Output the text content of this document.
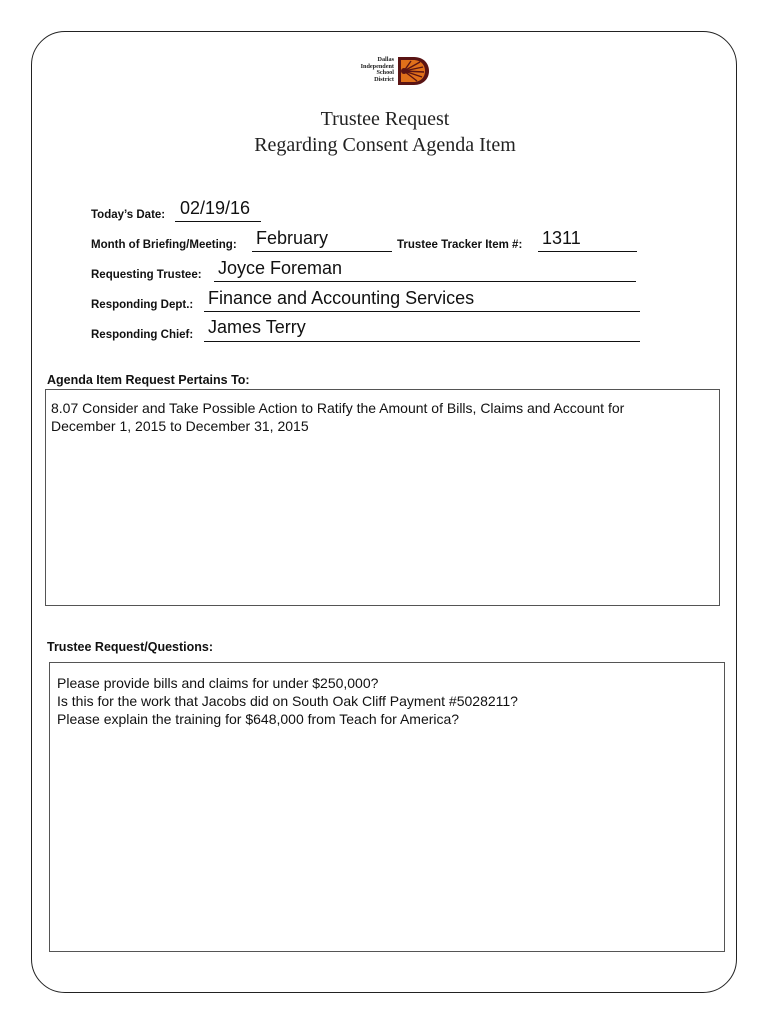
Dallas
Independent
School
District
Trustee Request
Regarding Consent Agenda Item
Today’s Date: 02/19/16
Month of Briefing/Meeting: February	Trustee Tracker Item #: 1311
Requesting Trustee: Joyce Foreman
Responding Dept.: Finance and Accounting Services
Responding Chief: James Terry
Agenda Item Request Pertains To:
8.07 Consider and Take Possible Action to Ratify the Amount of Bills, Claims and Account for
December 1, 2015 to December 31, 2015
Trustee Request/Questions:
Please provide bills and claims for under $250,000?
Is this for the work that Jacobs did on South Oak Cliff Payment #5028211?
Please explain the training for $648,000 from Teach for America?
